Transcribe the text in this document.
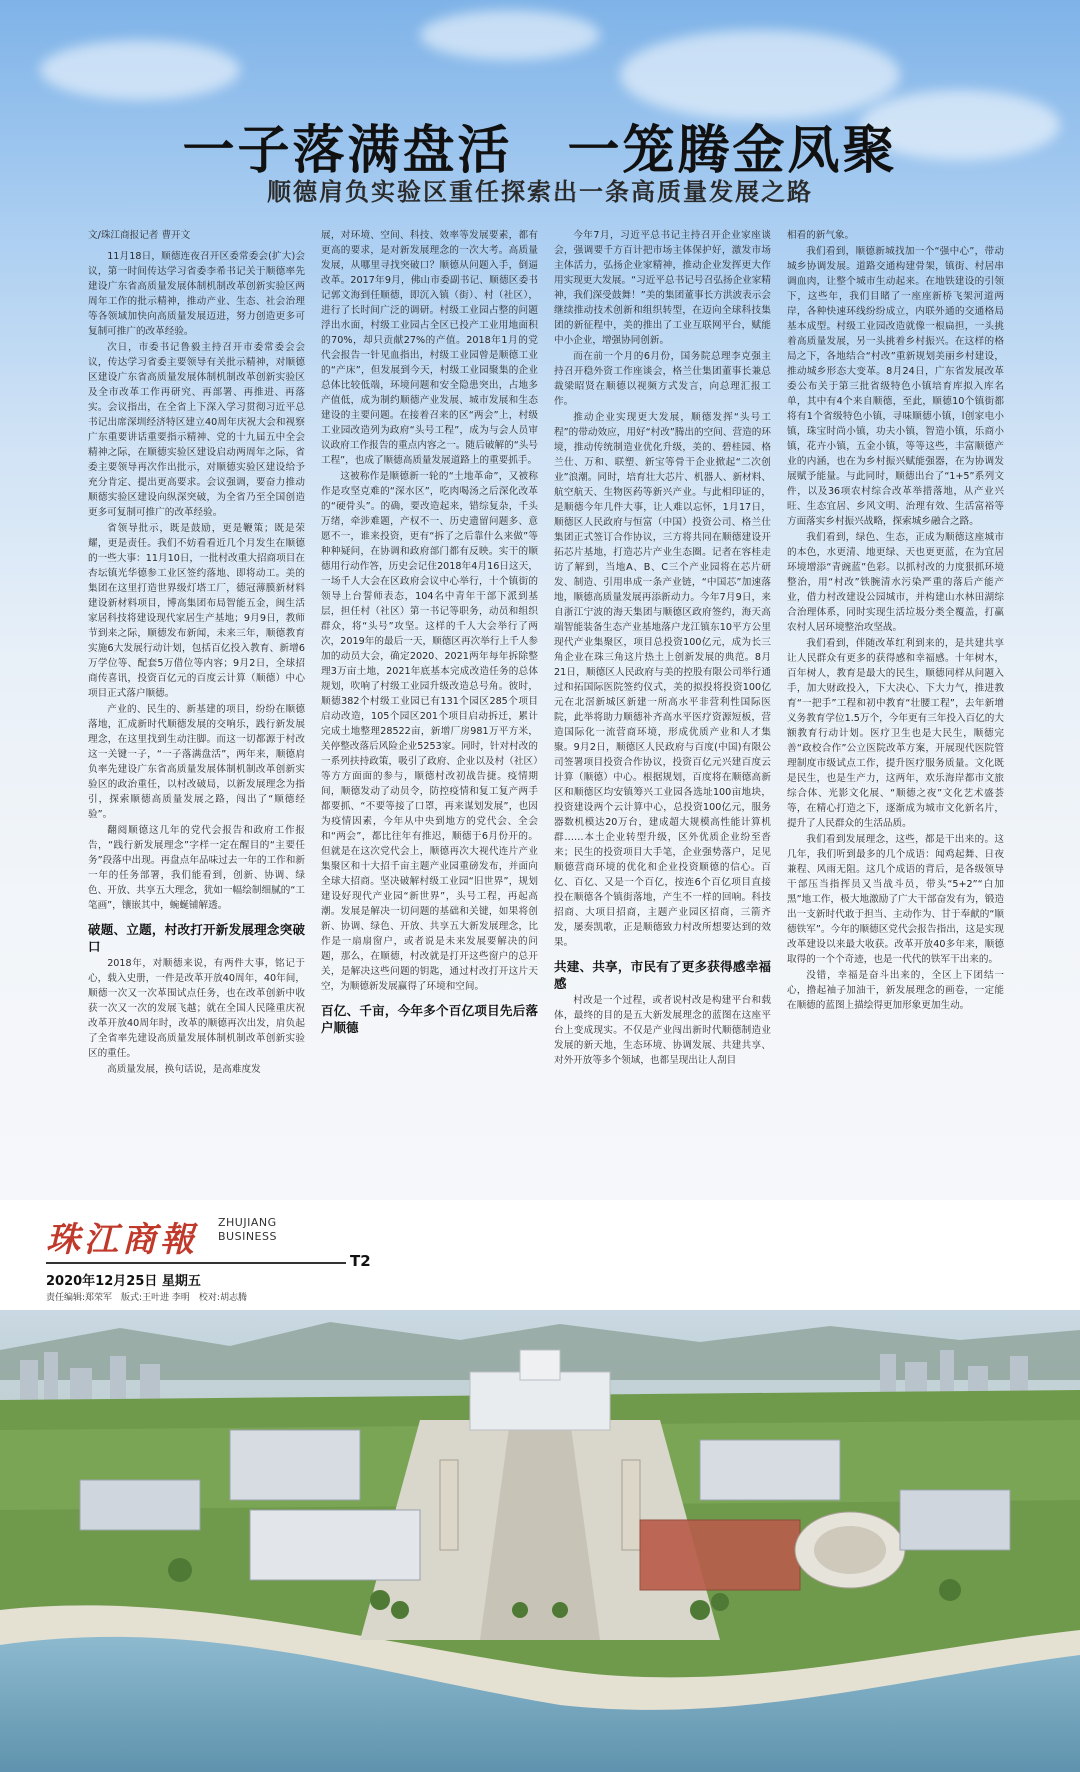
一子落满盘活　一笼腾金凤聚
顺德肩负实验区重任探索出一条高质量发展之路

文/珠江商报记者 曹开文

11月18日，顺德连夜召开区委常委会(扩大)会议，第一时间传达学习省委李希书记关于顺德率先建设广东省高质量发展体制机制改革创新实验区两周年工作的批示精神，推动产业、生态、社会治理等各领域加快向高质量发展迈进，努力创造更多可复制可推广的改革经验。

次日，市委书记鲁毅主持召开市委常委会会议，传达学习省委主要领导有关批示精神，对顺德区建设广东省高质量发展体制机制改革创新实验区及全市改革工作再研究、再部署、再推进、再落实。会议指出，在全省上下深入学习贯彻习近平总书记出席深圳经济特区建立40周年庆祝大会和视察广东重要讲话重要指示精神、党的十九届五中全会精神之际，在顺德实验区建设启动两周年之际，省委主要领导再次作出批示，对顺德实验区建设给予充分肯定、提出更高要求。会议强调，要奋力推动顺德实验区建设向纵深突破，为全省乃至全国创造更多可复制可推广的改革经验。

省领导批示，既是鼓励，更是鞭策；既是荣耀，更是责任。我们不妨看看近几个月发生在顺德的一些大事：11月10日，一批村改重大招商项目在杏坛镇光华德参工业区签约落地、即将动工。美的集团在这里打造世界级灯塔工厂，德冠薄膜新材料建设新材料项目，博高集团布局智能五金，闽生活家居科技将建设现代家居生产基地；9月9日，教师节到来之际，顺德发布新闻，未来三年，顺德教育实施6大发展行动计划，包括百亿投入教育、新增6万学位等、配套5万借位等内容；9月2日，全球招商传喜讯，投资百亿元的百度云计算（顺德）中心项目正式落户顺德。

产业的、民生的、新基建的项目，纷纷在顺德落地，汇成新时代顺德发展的交响乐，践行新发展理念，在这里找到生动注脚。而这一切都源于村改这一关键一子，“一子落满盘活”，两年来，顺德肩负率先建设广东省高质量发展体制机制改革创新实验区的政治重任，以村改破局，以新发展理念为指引，探索顺德高质量发展之路，闯出了“顺德经验”。

翻阅顺德这几年的党代会报告和政府工作报告，“践行新发展理念”字样一定在醒目的“主要任务”段落中出现。再盘点年品味过去一年的工作和新一年的任务部署，我们能看到，创新、协调、绿色、开放、共享五大理念，犹如一幅绘制细腻的“工笔画”，镶嵌其中，蜿蜒铺解透。

破题、立题，村改打开新发展理念突破口

2018年，对顺德来说，有两件大事，铭记于心，载入史册，一件是改革开放40周年，40年间，顺德一次又一次革围试点任务，也在改革创新中收获一次又一次的发展飞越；就在全国人民隆重庆祝改革开放40周年时，改革的顺德再次出发，肩负起了全省率先建设高质量发展体制机制改革创新实验区的重任。

高质量发展，换句话说，是高难度发

展，对环境、空间、科技、效率等发展要素，都有更高的要求，是对新发展理念的一次大考。高质量发展，从哪里寻找突破口？顺德从问题入手，倒逼改革。2017年9月，佛山市委副书记、顺德区委书记郭文海到任顺德，即沉入镇（街）、村（社区），进行了长时间广泛的调研。村级工业园占整的问题浮出水面，村级工业园占全区已投产工业用地面积的70%，却只贡献27%的产值。2018年1月的党代会报告一针见血指出，村级工业园曾是顺德工业的“产床”，但发展到今天，村级工业园聚集的企业总体比较低端，环境问题和安全隐患突出，占地多产值低，成为制约顺德产业发展、城市发展和生态建设的主要问题。在接着召来的区“两会”上，村级工业园改造列为政府“头号工程”，成为与会人员审议政府工作报告的重点内容之一。随后破解的“头号工程”，也成了顺德高质量发展道路上的重要抓手。

这被称作是顺德新一轮的“土地革命”，又被称作是攻坚克难的“深水区”，吃肉喝汤之后深化改革的“硬骨头”。的确，要改造起来，错综复杂，千头万绪，牵涉难题，产权不一、历史遗留问题多、意愿不一，谁来投资，更有“拆了之后靠什么来做”等种种疑问，在协调和政府部门都有反映。实干的顺德用行动作答，历史会记住2018年4月16日这天，一场千人大会在区政府会议中心举行，十个镇街的领导上台誓师表态，104名中青年干部下派到基层，担任村（社区）第一书记等职务，动员和组织群众，将“头号”攻坚。这样的千人大会举行了两次，2019年的最后一天，顺德区再次举行上千人参加的动员大会，确定2020、2021两年每年拆除整理3万亩土地，2021年底基本完成改造任务的总体规划，吹响了村级工业园升级改造总号角。彼时，顺德382个村级工业园已有131个园区285个项目启动改造，105个园区201个项目启动拆迁，累计完成土地整理28522亩，新增厂房981万平方米，关停整改落后风险企业5253家。同时，针对村改的一系列扶持政策，吸引了政府、企业以及村（社区）等方方面面的参与，顺德村改初战告捷。疫情期间，顺德发动了动员令，防控疫情和复工复产两手都要抓、“不要等接了口罩，再来谋划发展”，也因为疫情因素，今年从中央到地方的党代会、全会和“两会”，都比往年有推迟，顺德于6月份开的。但就是在这次党代会上，顺德再次大视代连片产业集聚区和十大招千亩主题产业园重磅发布，并面向全球大招商。坚决破解村级工业园“旧世界”，规划建设好现代产业园“新世界”，头号工程，再起高潮。发展是解决一切问题的基础和关键，如果将创新、协调、绿色、开放、共享五大新发展理念，比作是一扇扇窗户，或者说是未来发展要解决的问题，那么，在顺德，村改就是打开这些窗户的总开关，是解决这些问题的钥匙，通过村改打开这片天空，为顺德新发展赢得了环境和空间。

百亿、千亩，今年多个百亿项目先后落户顺德

今年7月，习近平总书记主持召开企业家座谈会，强调要千方百计把市场主体保护好，激发市场主体活力，弘扬企业家精神，推动企业发挥更大作用实现更大发展。“习近平总书记号召弘扬企业家精神，我们深受鼓舞！”美的集团董事长方洪波表示会继续推动技术创新和组织转型，在迈向全球科技集团的新征程中，美的推出了工业互联网平台，赋能中小企业，增强协同创新。

而在前一个月的6月份，国务院总理李克强主持召开稳外资工作座谈会，格兰仕集团董事长兼总裁梁昭贤在顺德以视频方式发言，向总理汇报工作。

推动企业实现更大发展，顺德发挥“头号工程”的带动效应，用好“村改”腾出的空间、营造的环境，推动传统制造业优化升级，美的、碧桂园、格兰仕、万和、联塑、新宝等骨干企业掀起“二次创业”浪潮。同时，培育壮大芯片、机器人、新材料、航空航天、生物医药等新兴产业。与此相印证的，是顺德今年几件大事，让人难以忘怀，1月17日，顺德区人民政府与恒富（中国）投资公司、格兰仕集团正式签订合作协议，三方将共同在顺德建设开拓芯片基地，打造芯片产业生态圈。记者在容桂走访了解到，当地A、B、C三个产业园将在芯片研发、制造、引用串成一条产业链，“中国芯”加速落地，顺德高质量发展再添新动力。今年7月9日，来自浙江宁波的海天集团与顺德区政府签约，海天高端智能装备生态产业基地落户龙江镇东10平方公里现代产业集聚区，项目总投资100亿元，成为长三角企业在珠三角这片热土上创新发展的典范。8月21日，顺德区人民政府与美的控股有限公司举行通过和拓国际医院签约仪式，美的拟投将投资100亿元在北滘新城区新建一所高水平非营利性国际医院，此举将助力顺德补齐高水平医疗资源短板，营造国际化一流营商环境，形成优质产业和人才集聚。9月2日，顺德区人民政府与百度(中国)有限公司签署项目投资合作协议，投资百亿元兴建百度云计算（顺德）中心。根据规划，百度将在顺德高新区和顺德区均安镇筹兴工业园各选址100亩地块，投资建设两个云计算中心，总投资100亿元，服务器数机模达20万台，建成超大规模高性能计算机群……本土企业转型升级，区外优质企业纷至沓来；民生的投资项目大手笔，企业强势落户，足见顺德营商环境的优化和企业投资顺德的信心。百亿、百亿、又是一个百亿，按连6个百亿项目直接投在顺德各个镇街落地，产生不一样的回响。科技招商、大项目招商，主题产业园区招商，三箭齐发，屡奏凯歌，正是顺德致力村改所想要达到的效果。

共建、共享，市民有了更多获得感幸福感

村改是一个过程，或者说村改是构建平台和载体，最终的目的是五大新发展理念的蓝图在这座平台上变成现实。不仅是产业闯出新时代顺德制造业发展的新天地，生态环境、协调发展、共建共享、对外开放等多个领域，也都呈现出让人刮目

相看的新气象。

我们看到，顺德新城找加一个“强中心”，带动城乡协调发展。道路交通构建骨架，镇街、村居串调血肉，让整个城市生动起来。在地铁建设的引领下，这些年，我们目睹了一座座新桥飞架河道两岸，各种快速环线纷纷成立，内联外通的交通格局基本成型。村级工业园改造就像一根扁担，一头挑着高质量发展，另一头挑着乡村振兴。在这样的格局之下，各地结合“村改”重新规划美丽乡村建设，推动城乡形态大变革。8月24日，广东省发展改革委公布关于第三批省级特色小镇培育库拟入库名单，其中有4个来自顺德，至此，顺德10个镇街都将有1个省级特色小镇，寻味顺德小镇，l创家电小镇，珠宝时尚小镇，功夫小镇，智造小镇，乐商小镇，花卉小镇，五金小镇，等等这些，丰富顺德产业的内涵，也在为乡村振兴赋能强器，在为协调发展赋予能量。与此同时，顺德出台了“1+5”系列文件，以及36项农村综合改革举措落地，从产业兴旺、生态宜居、乡风文明、治理有效、生活富裕等方面落实乡村振兴战略，探索城乡融合之路。

我们看到，绿色、生态，正成为顺德这座城市的本色，水更清、地更绿、天也更更蓝，在为宜居环境增添“青豌蓝”色彩。以抓村改的力度狠抓环境整治，用“村改”铁腕清水污染严重的落后产能产业，借力村改建设公园城市，并构建山水林田湖综合治理体系，同时实现生活垃圾分类全覆盖，打赢农村人居环境整治攻坚战。

我们看到，伴随改革红利到来的，是共建共享让人民群众有更多的获得感和幸福感。十年树木，百年树人，教育是最大的民生，顺德同样从问题入手，加大财政投入，下大决心、下大力气，推进教育“一把手”工程和初中教育“壮腰工程”，去年新增义务教育学位1.5万个，今年更有三年投入百亿的大额教育行动计划。医疗卫生也是大民生，顺德完善“政校合作”公立医院改革方案，开展现代医院管理制度市级试点工作，提升医疗服务质量。文化既是民生，也是生产力，这两年，欢乐海岸都市文旅综合体、光影文化展、“顺德之夜”文化艺术盛荟等，在精心打造之下，逐渐成为城市文化新名片，提升了人民群众的生活品质。

我们看到发展理念，这些，都是干出来的。这几年，我们听到最多的几个成语：闻鸡起舞、日夜兼程、风雨无阻。这几个成语的背后，是各级领导干部压当指挥员又当战斗员，带头“5+2”“白加黑”地工作，极大地激励了广大干部奋发有为，锻造出一支新时代敢于担当、主动作为、甘于奉献的“顺德铁军”。今年的顺德区党代会报告指出，这是实现改革建设以来最大收获。改革开放40多年来，顺德取得的一个个奇迹，也是一代代的铁军干出来的。

没错，幸福是奋斗出来的，全区上下团结一心，撸起袖子加油干，新发展理念的画卷，一定能在顺德的蓝图上描绘得更加形象更加生动。

珠江商報 ZHUJIANG
BUSINESS
T2
2020年12月25日 星期五
责任编辑:郑荣军　版式:王叶进 李明　校对:胡志腾
